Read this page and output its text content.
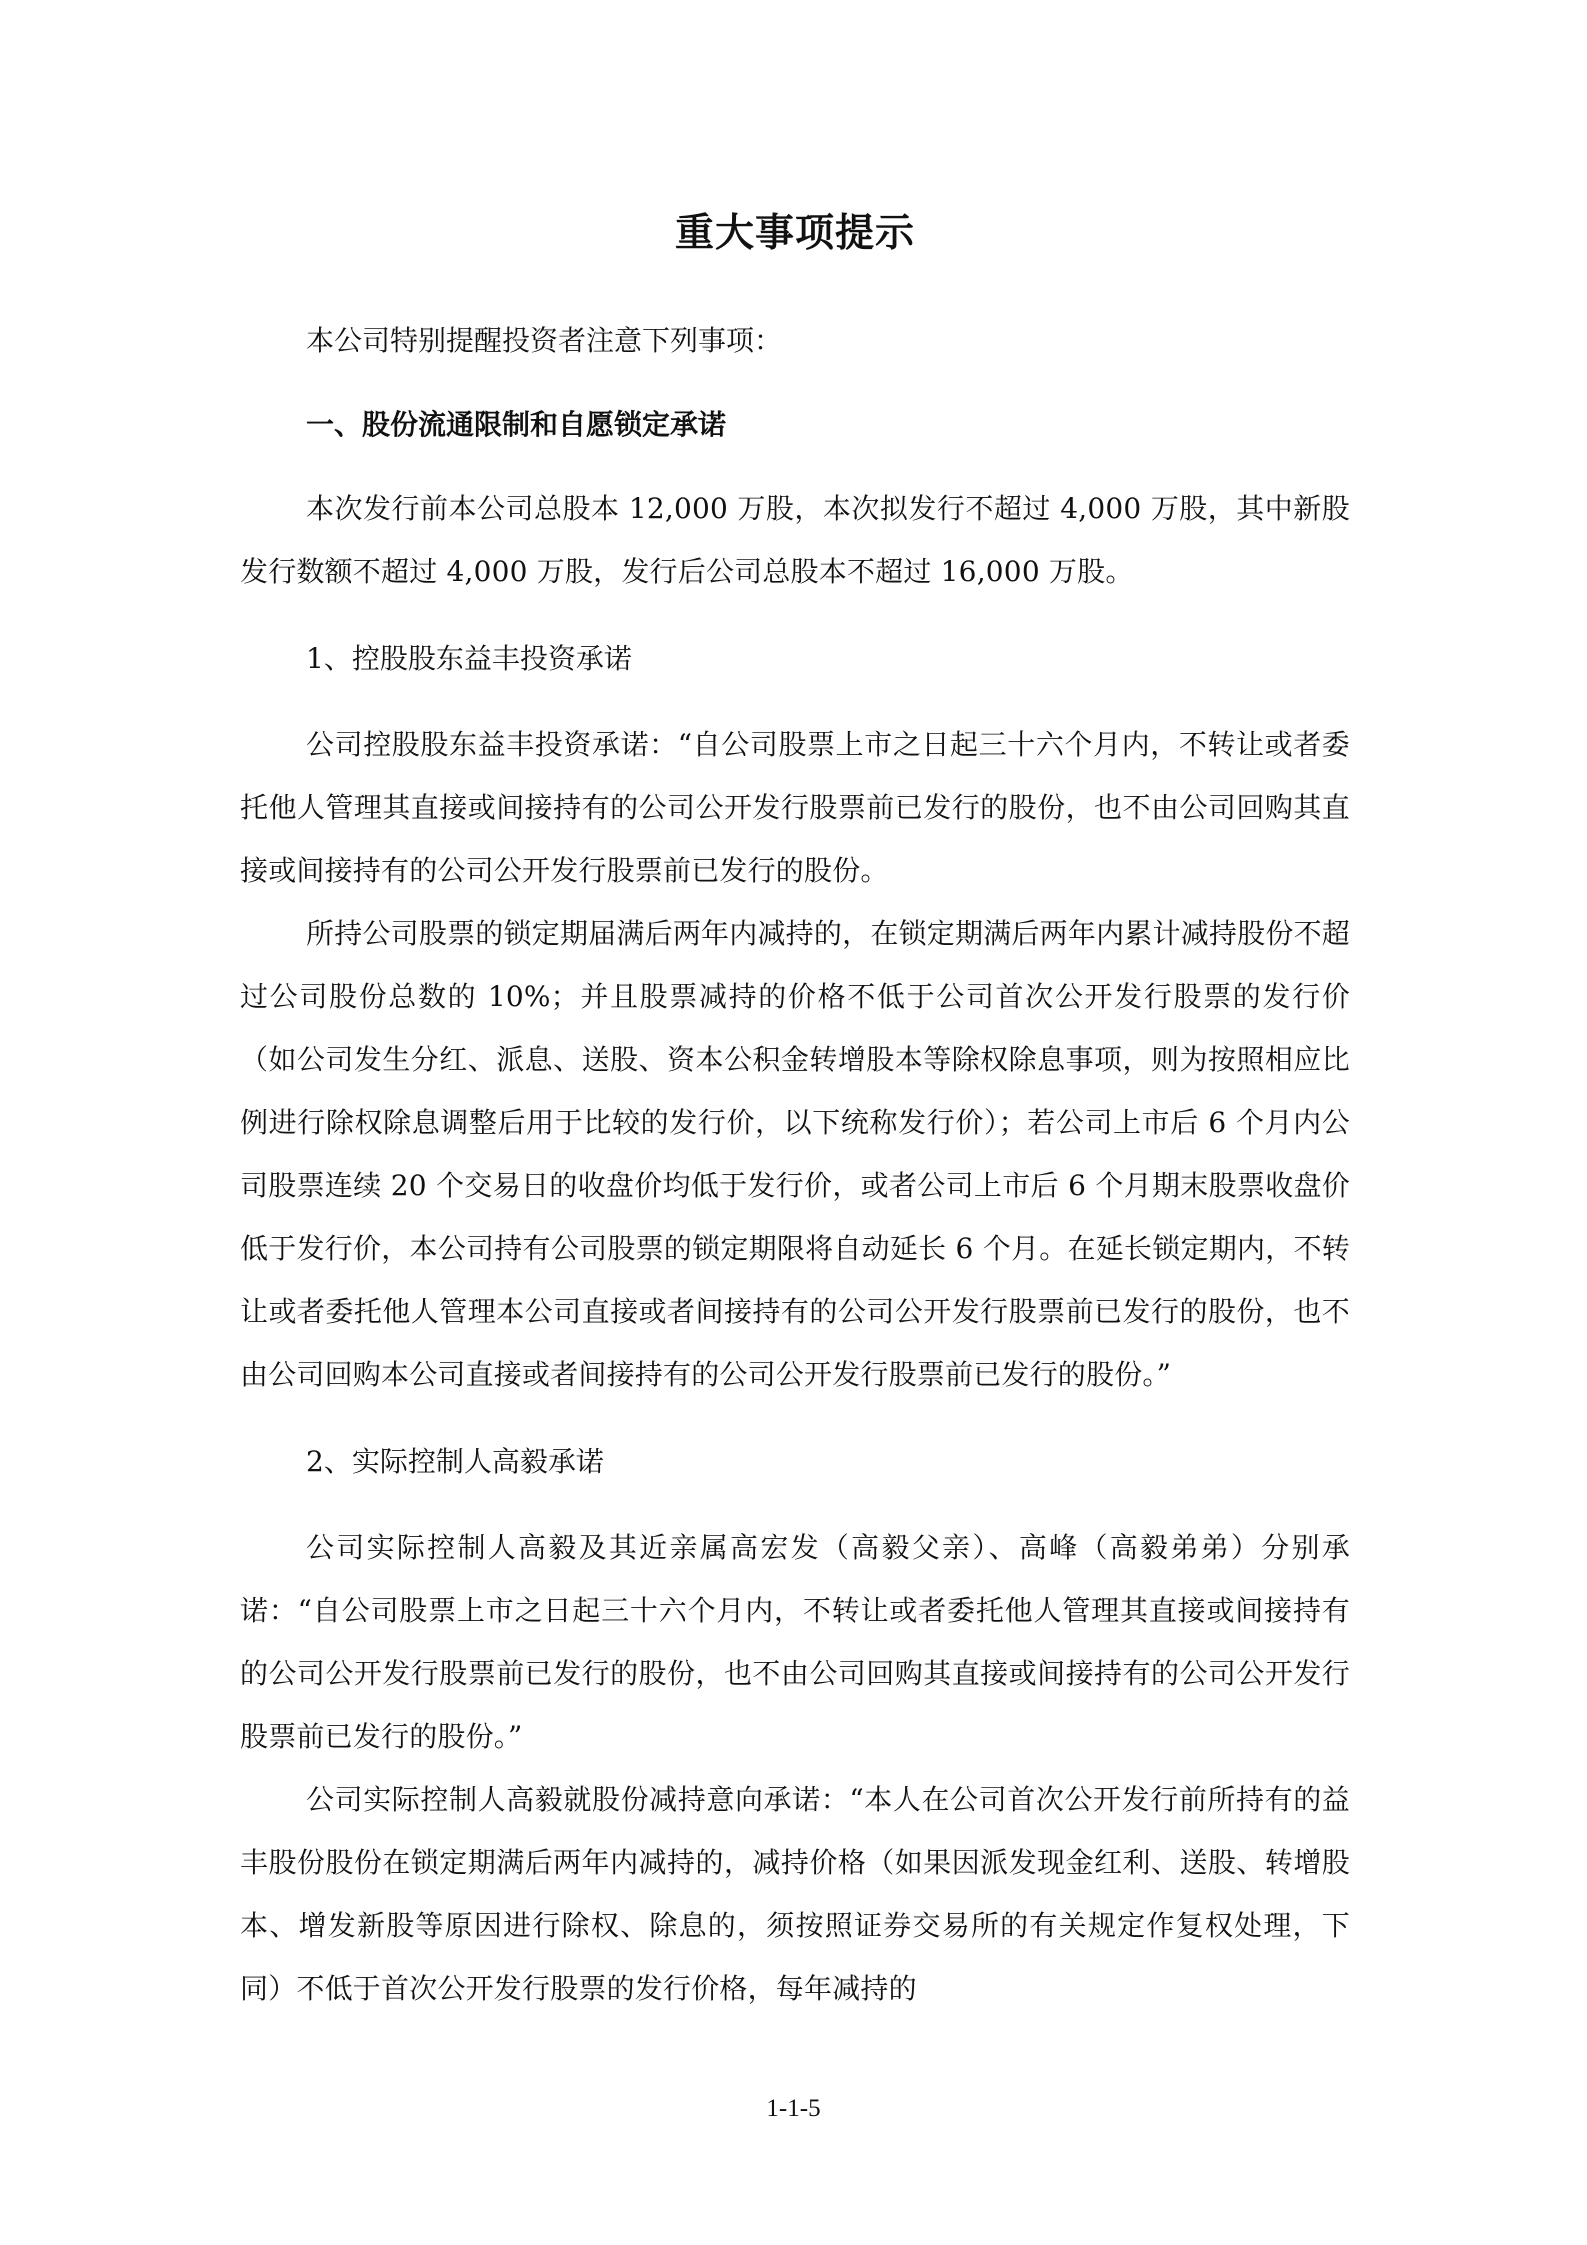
重大事项提示

本公司特别提醒投资者注意下列事项：

一、股份流通限制和自愿锁定承诺

本次发行前本公司总股本 12,000 万股，本次拟发行不超过 4,000 万股，其中新股发行数额不超过 4,000 万股，发行后公司总股本不超过 16,000 万股。

1、控股股东益丰投资承诺

公司控股股东益丰投资承诺：“自公司股票上市之日起三十六个月内，不转让或者委托他人管理其直接或间接持有的公司公开发行股票前已发行的股份，也不由公司回购其直接或间接持有的公司公开发行股票前已发行的股份。

所持公司股票的锁定期届满后两年内减持的，在锁定期满后两年内累计减持股份不超过公司股份总数的 10%；并且股票减持的价格不低于公司首次公开发行股票的发行价（如公司发生分红、派息、送股、资本公积金转增股本等除权除息事项，则为按照相应比例进行除权除息调整后用于比较的发行价，以下统称发行价）；若公司上市后 6 个月内公司股票连续 20 个交易日的收盘价均低于发行价，或者公司上市后 6 个月期末股票收盘价低于发行价，本公司持有公司股票的锁定期限将自动延长 6 个月。在延长锁定期内，不转让或者委托他人管理本公司直接或者间接持有的公司公开发行股票前已发行的股份，也不由公司回购本公司直接或者间接持有的公司公开发行股票前已发行的股份。”

2、实际控制人高毅承诺

公司实际控制人高毅及其近亲属高宏发（高毅父亲）、高峰（高毅弟弟）分别承诺：“自公司股票上市之日起三十六个月内，不转让或者委托他人管理其直接或间接持有的公司公开发行股票前已发行的股份，也不由公司回购其直接或间接持有的公司公开发行股票前已发行的股份。”

公司实际控制人高毅就股份减持意向承诺：“本人在公司首次公开发行前所持有的益丰股份股份在锁定期满后两年内减持的，减持价格（如果因派发现金红利、送股、转增股本、增发新股等原因进行除权、除息的，须按照证券交易所的有关规定作复权处理，下同）不低于首次公开发行股票的发行价格，每年减持的

1-1-5
